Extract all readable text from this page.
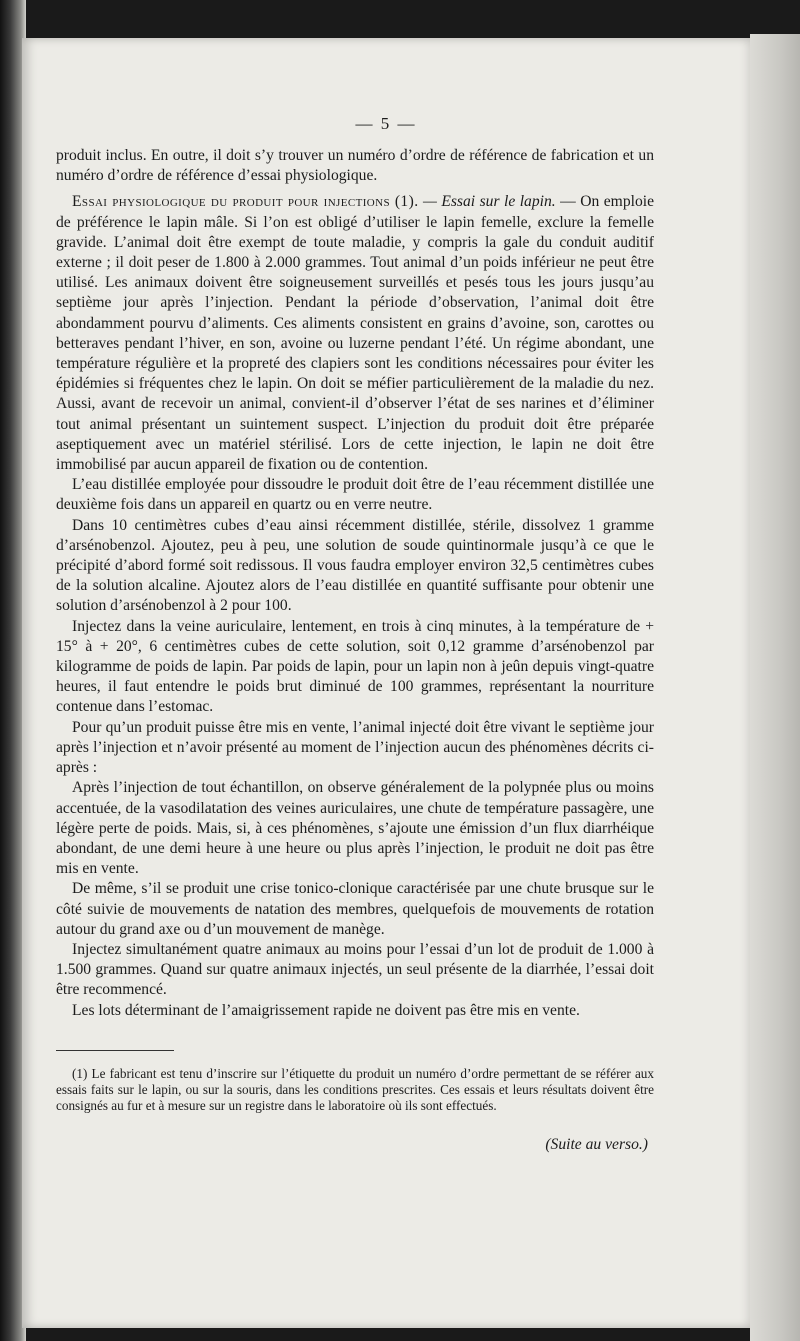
— 5 —

produit inclus. En outre, il doit s’y trouver un numéro d’ordre de référence de fabrication et un numéro d’ordre de référence d’essai physiologique.

Essai physiologique du produit pour injections (1). — Essai sur le lapin. — On emploie de préférence le lapin mâle. Si l’on est obligé d’utiliser le lapin femelle, exclure la femelle gravide. L’animal doit être exempt de toute maladie, y compris la gale du conduit auditif externe ; il doit peser de 1.800 à 2.000 grammes. Tout animal d’un poids inférieur ne peut être utilisé. Les animaux doivent être soigneusement surveillés et pesés tous les jours jusqu’au septième jour après l’injection. Pendant la période d’observation, l’animal doit être abondamment pourvu d’aliments. Ces aliments consistent en grains d’avoine, son, carottes ou betteraves pendant l’hiver, en son, avoine ou luzerne pendant l’été. Un régime abondant, une température régulière et la propreté des clapiers sont les conditions nécessaires pour éviter les épidémies si fréquentes chez le lapin. On doit se méfier particulièrement de la maladie du nez. Aussi, avant de recevoir un animal, convient-il d’observer l’état de ses narines et d’éliminer tout animal présentant un suintement suspect. L’injection du produit doit être préparée aseptiquement avec un matériel stérilisé. Lors de cette injection, le lapin ne doit être immobilisé par aucun appareil de fixation ou de contention.

L’eau distillée employée pour dissoudre le produit doit être de l’eau récemment distillée une deuxième fois dans un appareil en quartz ou en verre neutre.

Dans 10 centimètres cubes d’eau ainsi récemment distillée, stérile, dissolvez 1 gramme d’arsénobenzol. Ajoutez, peu à peu, une solution de soude quintinormale jusqu’à ce que le précipité d’abord formé soit redissous. Il vous faudra employer environ 32,5 centimètres cubes de la solution alcaline. Ajoutez alors de l’eau distillée en quantité suffisante pour obtenir une solution d’arsénobenzol à 2 pour 100.

Injectez dans la veine auriculaire, lentement, en trois à cinq minutes, à la température de + 15° à + 20°, 6 centimètres cubes de cette solution, soit 0,12 gramme d’arsénobenzol par kilogramme de poids de lapin. Par poids de lapin, pour un lapin non à jeûn depuis vingt-quatre heures, il faut entendre le poids brut diminué de 100 grammes, représentant la nourriture contenue dans l’estomac.

Pour qu’un produit puisse être mis en vente, l’animal injecté doit être vivant le septième jour après l’injection et n’avoir présenté au moment de l’injection aucun des phénomènes décrits ci-après :

Après l’injection de tout échantillon, on observe généralement de la polypnée plus ou moins accentuée, de la vasodilatation des veines auriculaires, une chute de température passagère, une légère perte de poids. Mais, si, à ces phénomènes, s’ajoute une émission d’un flux diarrhéique abondant, de une demi heure à une heure ou plus après l’injection, le produit ne doit pas être mis en vente.

De même, s’il se produit une crise tonico-clonique caractérisée par une chute brusque sur le côté suivie de mouvements de natation des membres, quelquefois de mouvements de rotation autour du grand axe ou d’un mouvement de manège.

Injectez simultanément quatre animaux au moins pour l’essai d’un lot de produit de 1.000 à 1.500 grammes. Quand sur quatre animaux injectés, un seul présente de la diarrhée, l’essai doit être recommencé.

Les lots déterminant de l’amaigrissement rapide ne doivent pas être mis en vente.

(1) Le fabricant est tenu d’inscrire sur l’étiquette du produit un numéro d’ordre permettant de se référer aux essais faits sur le lapin, ou sur la souris, dans les conditions prescrites. Ces essais et leurs résultats doivent être consignés au fur et à mesure sur un registre dans le laboratoire où ils sont effectués.

(Suite au verso.)
